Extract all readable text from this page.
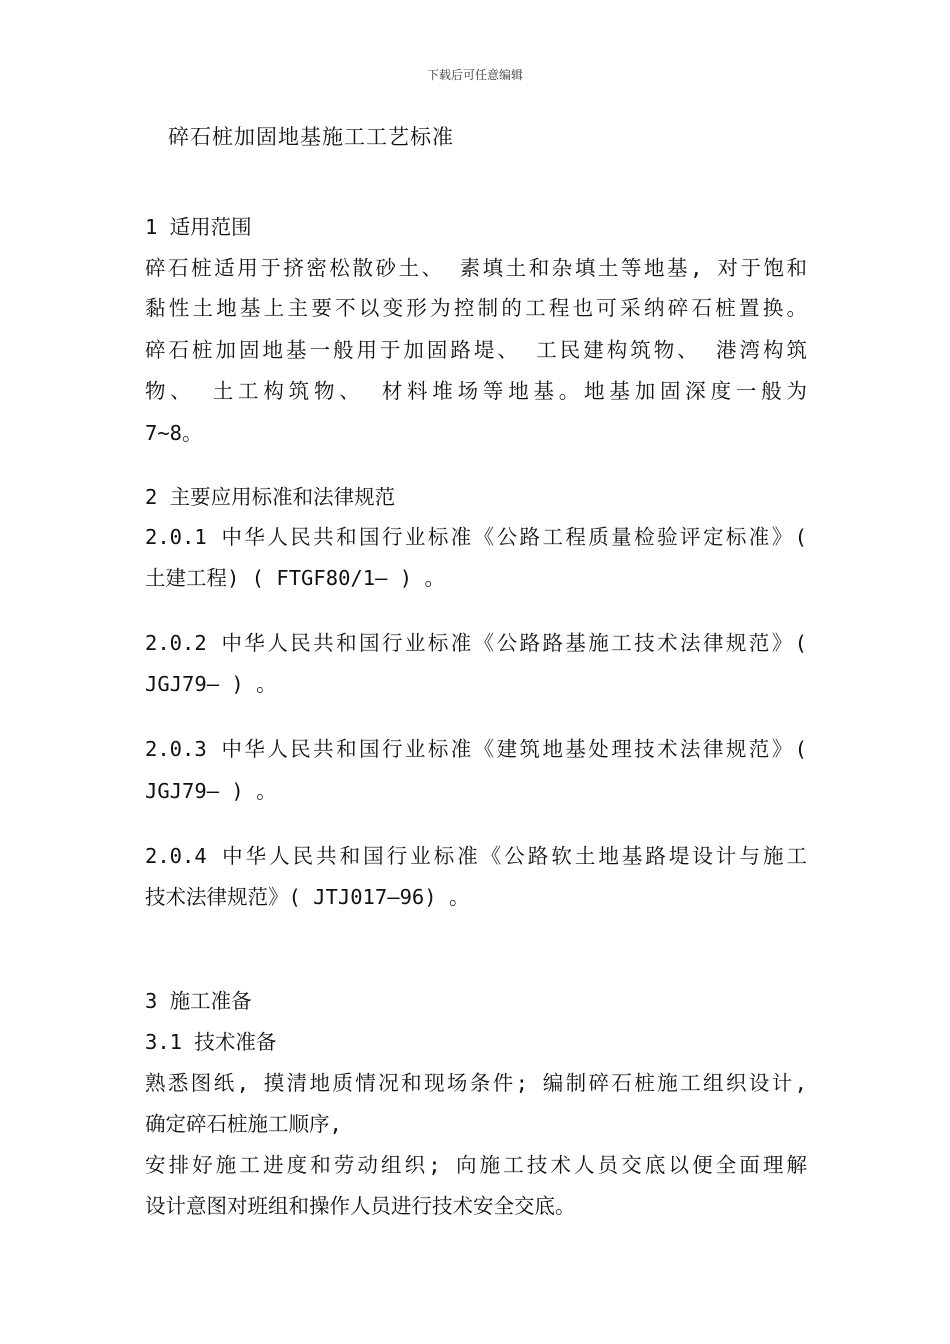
下载后可任意编辑
碎石桩加固地基施工工艺标准
1 适用范围
碎石桩适用于挤密松散砂土、 素填土和杂填土等地基, 对于饱和
黏性土地基上主要不以变形为控制的工程也可采纳碎石桩置换。
碎石桩加固地基一般用于加固路堤、 工民建构筑物、 港湾构筑
物、 土工构筑物、 材料堆场等地基。地基加固深度一般为
7~8。
2 主要应用标准和法律规范
2.0.1 中华人民共和国行业标准《公路工程质量检验评定标准》(
土建工程) ( FTGF80/1— ) 。
2.0.2 中华人民共和国行业标准《公路路基施工技术法律规范》(
JGJ79— ) 。
2.0.3 中华人民共和国行业标准《建筑地基处理技术法律规范》(
JGJ79— ) 。
2.0.4 中华人民共和国行业标准《公路软土地基路堤设计与施工
技术法律规范》( JTJ017—96) 。
3 施工准备
3.1 技术准备
熟悉图纸, 摸清地质情况和现场条件; 编制碎石桩施工组织设计,
确定碎石桩施工顺序,
安排好施工进度和劳动组织; 向施工技术人员交底以便全面理解
设计意图对班组和操作人员进行技术安全交底。
